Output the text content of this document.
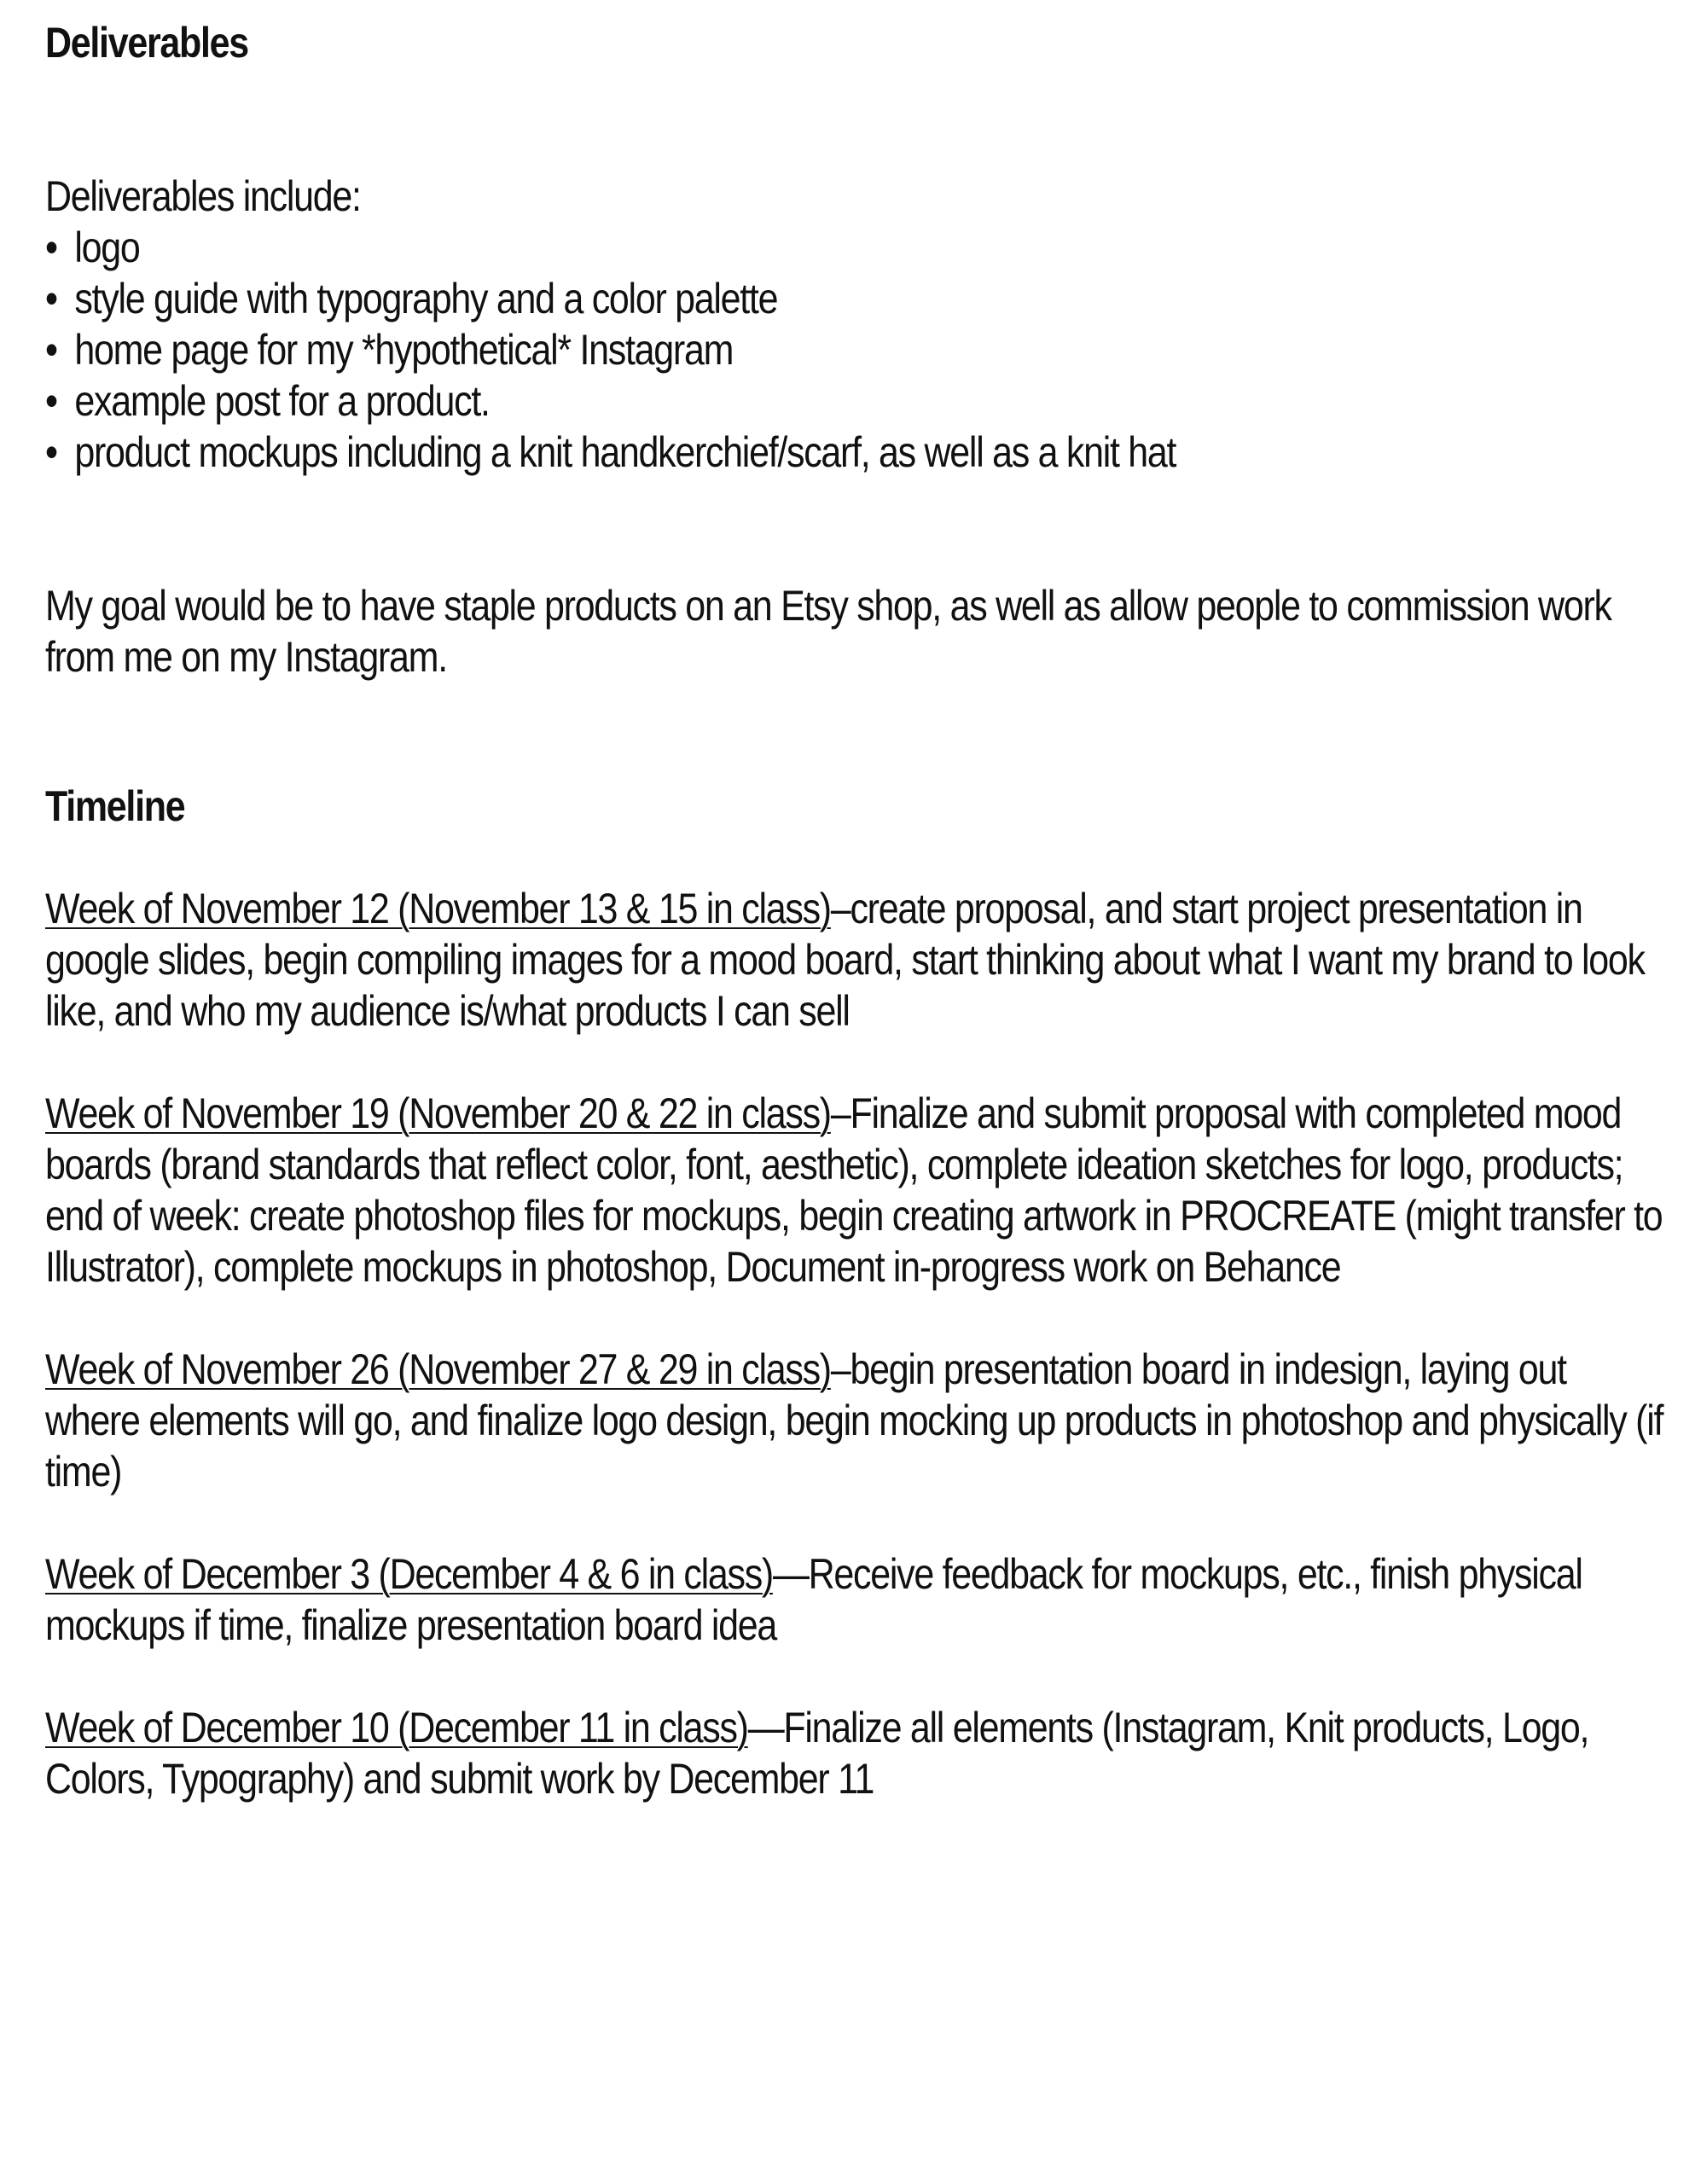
Deliverables

Deliverables include:

• logo
• style guide with typography and a color palette
• home page for my *hypothetical* Instagram
• example post for a product.
• product mockups including a knit handkerchief/scarf, as well as a knit hat

My goal would be to have staple products on an Etsy shop, as well as allow people to commission work from me on my Instagram.

Timeline

Week of November 12 (November 13 & 15 in class)–create proposal, and start project presentation in google slides, begin compiling images for a mood board, start thinking about what I want my brand to look like, and who my audience is/what products I can sell

Week of November 19 (November 20 & 22 in class)–Finalize and submit proposal with completed mood boards (brand standards that reflect color, font, aesthetic), complete ideation sketches for logo, products; end of week: create photoshop files for mockups, begin creating artwork in PROCREATE (might transfer to Illustrator), complete mockups in photoshop, Document in-progress work on Behance

Week of November 26 (November 27 & 29 in class)–begin presentation board in indesign, laying out where elements will go, and finalize logo design, begin mocking up products in photoshop and physically (if time)

Week of December 3 (December 4 & 6 in class)—Receive feedback for mockups, etc., finish physical mockups if time, finalize presentation board idea

Week of December 10 (December 11 in class)—Finalize all elements (Instagram, Knit products, Logo, Colors, Typography) and submit work by December 11
